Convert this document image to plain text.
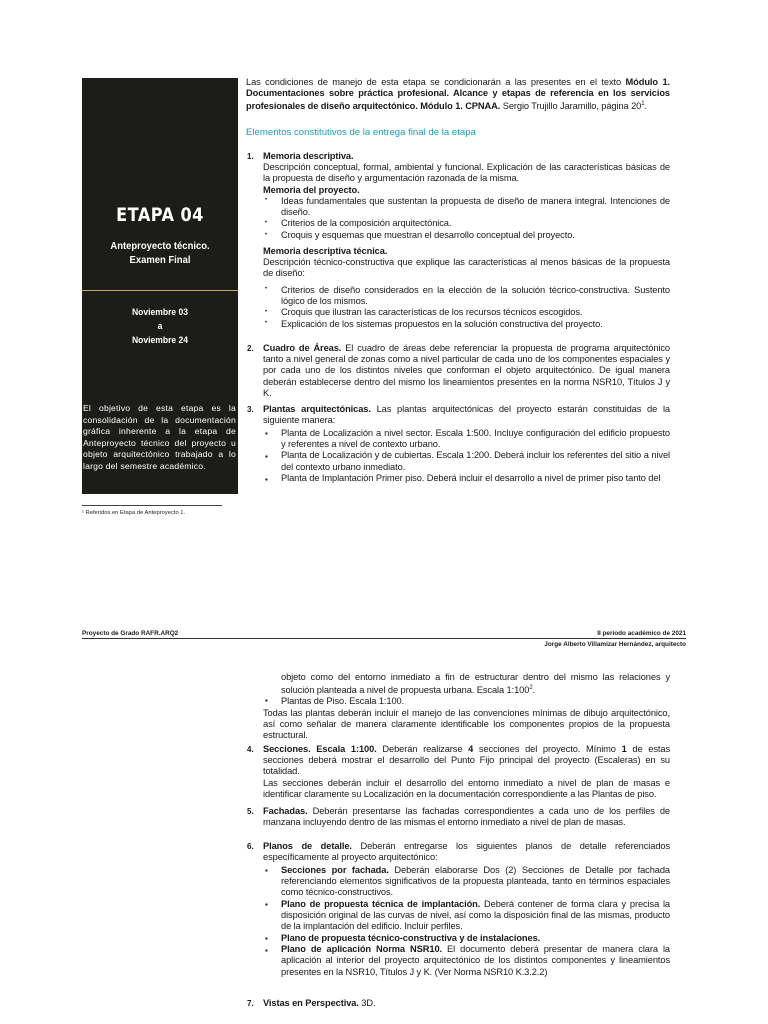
ETAPA 04
Anteproyecto técnico.
Examen Final
Noviembre 03
a
Noviembre 24
El objetivo de esta etapa es la consolidación de la documentación gráfica inherente a la etapa de Anteproyecto técnico del proyecto u objeto arquitectónico trabajado a lo largo del semestre académico.
Las condiciones de manejo de esta etapa se condicionarán a las presentes en el texto Módulo 1. Documentaciones sobre práctica profesional. Alcance y etapas de referencia en los servicios profesionales de diseño arquitectónico. Módulo 1. CPNAA. Sergio Trujillo Jaramillo, página $20^1$.
Elementos constitutivos de la entrega final de la etapa
1. Memoria descriptiva.
Descripción conceptual, formal, ambiental y funcional. Explicación de las características básicas de la propuesta de diseño y argumentación razonada de la misma.
Memoria del proyecto.
Ideas fundamentales que sustentan la propuesta de diseño de manera integral. Intenciones de diseño.
Criterios de la composición arquitectónica.
Croquis y esquemas que muestran el desarrollo conceptual del proyecto.
•
•
•
Memoria descriptiva técnica.
Descripción técnico-constructiva que explique las características al menos básicas de la propuesta de diseño:
Criterios de diseño considerados en la elección de la solución técrico-constructiva. Sustento lógico de los mismos.
Croquis que ilustran las características de los recursos técnicos escogidos.
Explicación de los sistemas propuestos en la solución constructiva del proyecto.
•
•
•
2. Cuadro de Áreas. El cuadro de áreas debe referenciar la propuesta de programa arquitectónico tanto a nivel general de zonas como a nivel particular de cada uno de los componentes espaciales y por cada uno de los distintos niveles que conforman el objeto arquitectónico. De igual manera deberán establecerse dentro del mismo los lineamientos presentes en la norma NSR10, Títulos J y K.
3. Plantas arquitectónicas. Las plantas arquitectónicas del proyecto estarán constituidas de la siguiente manera:
Planta de Localización a nivel sector. Escala 1:500. Incluye configuración del edificio propuesto y referentes a nivel de contexto urbano.
Planta de Localización y de cubiertas. Escala 1:200. Deberá incluir los referentes del sitio a nivel del contexto urbano inmediato.
Planta de Implantación Primer piso. Deberá incluir el desarrollo a nivel de primer piso tanto del
▪
▪
▪
¹ Referidos en Etapa de Anteproyecto 1.
Proyecto de Grado RAFR.ARQ2	II periodo académico de 2021
Jorge Alberto Villamizar Hernández, arquitecto
objeto como del entorno inmediato a fin de estructurar dentro del mismo las relaciones y solución planteada a nivel de propuesta urbana. Escala $1:100^2$.
▪ Plantas de Piso. Escala 1:100.
Todas las plantas deberán incluir el manejo de las convenciones mínimas de dibujo arquitectónico, así como señalar de manera claramente identificable los componentes propios de la propuesta estructural.
4. Secciones. Escala 1:100. Deberán realizarse 4 secciones del proyecto. Mínimo 1 de estas secciones deberá mostrar el desarrollo del Punto Fijo principal del proyecto (Escaleras) en su totalidad.
Las secciones deberán incluir el desarrollo del entorno inmediato a nivel de plan de masas e identificar claramente su Localización en la documentación correspondiente a las Plantas de piso.
5. Fachadas. Deberán presentarse las fachadas correspondientes a cada uno de los perfiles de manzana incluyendo dentro de las mismas el entorno inmediato a nivel de plan de masas.
6. Planos de detalle. Deberán entregarse los siguientes planos de detalle referenciados específicamente al proyecto arquitectónico:
Secciones por fachada. Deberán elaborarse Dos (2) Secciones de Detalle por fachada referenciando elementos significativos de la propuesta planteada, tanto en términos espaciales como técnico-constructivos.
Plano de propuesta técnica de implantación. Deberá contener de forma clara y precisa la disposición original de las curvas de nivel, así como la disposición final de las mismas, producto de la implantación del edificio. Incluir perfiles.
Plano de propuesta técnico-constructiva y de instalaciones.
Plano de aplicación Norma NSR10. El documento deberá presentar de manera clara la aplicación al interior del proyecto arquitectónico de los distintos componentes y lineamientos presentes en la NSR10, Títulos J y K. (Ver Norma NSR10 K.3.2.2)
▪
▪
▪
▪
7. Vistas en Perspectiva. 3D.
